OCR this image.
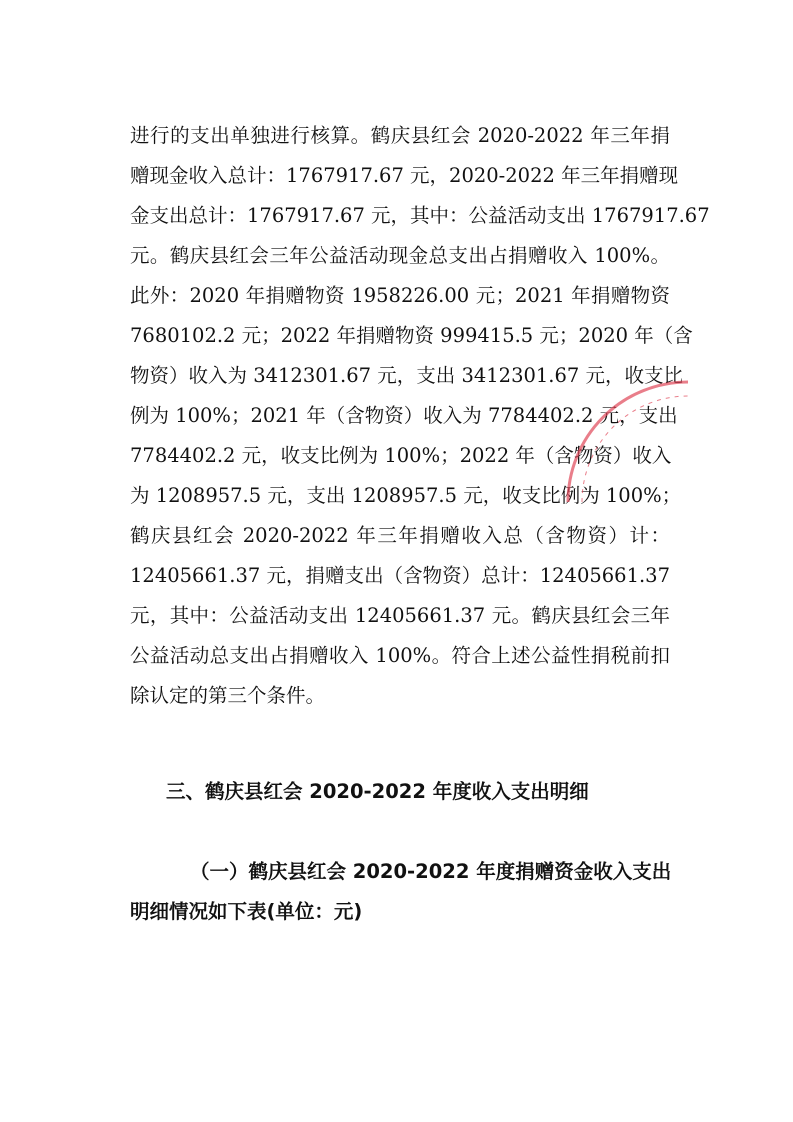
进行的支出单独进行核算。鹤庆县红会 2020-2022 年三年捐
赠现金收入总计：1767917.67 元，2020-2022 年三年捐赠现
金支出总计：1767917.67 元，其中：公益活动支出 1767917.67
元。鹤庆县红会三年公益活动现金总支出占捐赠收入 100%。
此外：2020 年捐赠物资 1958226.00 元；2021 年捐赠物资
7680102.2 元；2022 年捐赠物资 999415.5 元；2020 年（含
物资）收入为 3412301.67 元，支出 3412301.67 元，收支比
例为 100%；2021 年（含物资）收入为 7784402.2 元，支出
7784402.2 元，收支比例为 100%；2022 年（含物资）收入
为 1208957.5 元，支出 1208957.5 元，收支比例为 100%；
鹤庆县红会 2020-2022 年三年捐赠收入总（含物资）计：
12405661.37 元，捐赠支出（含物资）总计：12405661.37
元，其中：公益活动支出 12405661.37 元。鹤庆县红会三年
公益活动总支出占捐赠收入 100%。符合上述公益性捐税前扣
除认定的第三个条件。
三、鹤庆县红会 2020-2022 年度收入支出明细
（一）鹤庆县红会 2020-2022 年度捐赠资金收入支出
明细情况如下表(单位：元)
